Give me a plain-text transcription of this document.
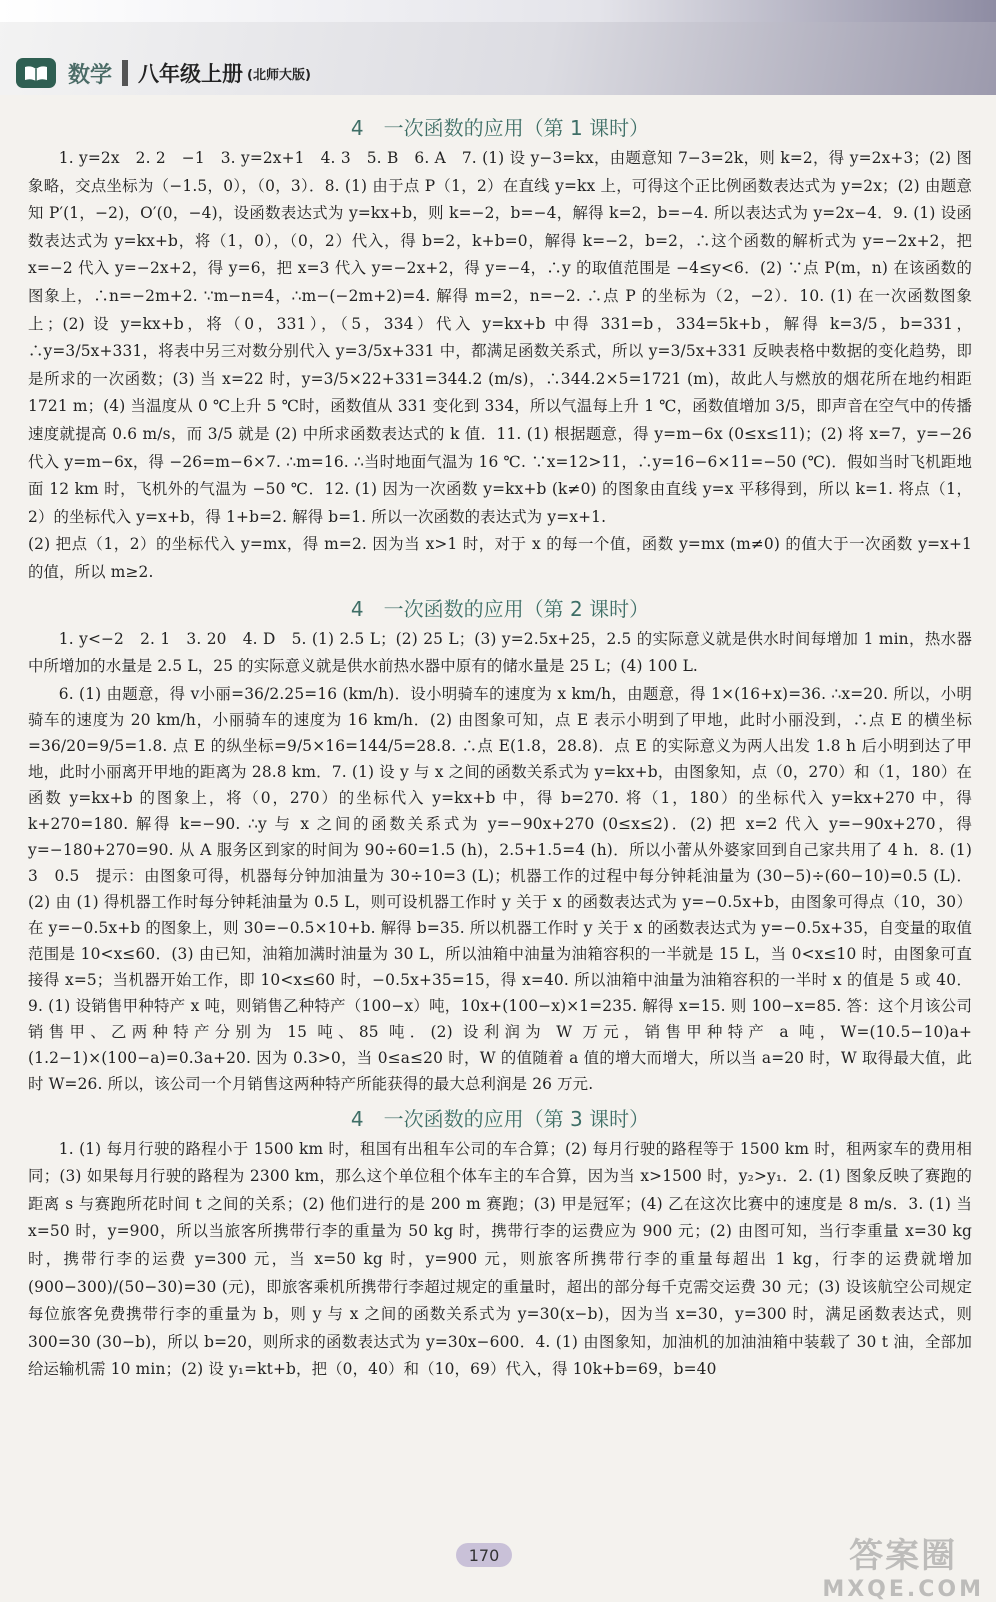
数学 八年级上册 (北师大版)
4　一次函数的应用（第 1 课时）

1. y=2x　2. 2　−1　3. y=2x+1　4. 3　5. B　6. A　7. (1) 设 y−3=kx，由题意知 7−3=2k，则 k=2，得 y=2x+3；(2) 图象略，交点坐标为（−1.5，0），（0，3）．8. (1) 由于点 P（1，2）在直线 y=kx 上，可得这个正比例函数表达式为 y=2x；(2) 由题意知 P′(1，−2)，O′(0，−4)，设函数表达式为 y=kx+b，则 k=−2，b=−4，解得 k=2，b=−4. 所以表达式为 y=2x−4．9. (1) 设函数表达式为 y=kx+b，将（1，0），（0，2）代入，得 b=2，k+b=0，解得 k=−2，b=2，∴这个函数的解析式为 y=−2x+2，把 x=−2 代入 y=−2x+2，得 y=6，把 x=3 代入 y=−2x+2，得 y=−4，∴y 的取值范围是 −4≤y<6．(2) ∵点 P(m，n) 在该函数的图象上，∴n=−2m+2. ∵m−n=4，∴m−(−2m+2)=4. 解得 m=2，n=−2. ∴点 P 的坐标为（2，−2）．10. (1) 在一次函数图象上；(2) 设 y=kx+b，将（0，331），（5，334）代入 y=kx+b 中得 331=b，334=5k+b，解得 k=3/5，b=331，∴y=3/5x+331，将表中另三对数分别代入 y=3/5x+331 中，都满足函数关系式，所以 y=3/5x+331 反映表格中数据的变化趋势，即是所求的一次函数；(3) 当 x=22 时，y=3/5×22+331=344.2 (m/s)，∴344.2×5=1721 (m)，故此人与燃放的烟花所在地约相距 1721 m；(4) 当温度从 0 ℃上升 5 ℃时，函数值从 331 变化到 334，所以气温每上升 1 ℃，函数值增加 3/5，即声音在空气中的传播速度就提高 0.6 m/s，而 3/5 就是 (2) 中所求函数表达式的 k 值．11. (1) 根据题意，得 y=m−6x (0≤x≤11)；(2) 将 x=7，y=−26 代入 y=m−6x，得 −26=m−6×7. ∴m=16. ∴当时地面气温为 16 ℃. ∵x=12>11，∴y=16−6×11=−50 (℃)．假如当时飞机距地面 12 km 时，飞机外的气温为 −50 ℃．12. (1) 因为一次函数 y=kx+b (k≠0) 的图象由直线 y=x 平移得到，所以 k=1. 将点（1，2）的坐标代入 y=x+b，得 1+b=2. 解得 b=1. 所以一次函数的表达式为 y=x+1.

(2) 把点（1，2）的坐标代入 y=mx，得 m=2. 因为当 x>1 时，对于 x 的每一个值，函数 y=mx (m≠0) 的值大于一次函数 y=x+1 的值，所以 m≥2.

4　一次函数的应用（第 2 课时）

1. y<−2　2. 1　3. 20　4. D　5. (1) 2.5 L；(2) 25 L；(3) y=2.5x+25，2.5 的实际意义就是供水时间每增加 1 min，热水器中所增加的水量是 2.5 L，25 的实际意义就是供水前热水器中原有的储水量是 25 L；(4) 100 L.

6. (1) 由题意，得 v小丽=36/2.25=16 (km/h)．设小明骑车的速度为 x km/h，由题意，得 1×(16+x)=36. ∴x=20. 所以，小明骑车的速度为 20 km/h，小丽骑车的速度为 16 km/h．(2) 由图象可知，点 E 表示小明到了甲地，此时小丽没到，∴点 E 的横坐标=36/20=9/5=1.8. 点 E 的纵坐标=9/5×16=144/5=28.8. ∴点 E(1.8，28.8)．点 E 的实际意义为两人出发 1.8 h 后小明到达了甲地，此时小丽离开甲地的距离为 28.8 km．7. (1) 设 y 与 x 之间的函数关系式为 y=kx+b，由图象知，点（0，270）和（1，180）在函数 y=kx+b 的图象上，将（0，270）的坐标代入 y=kx+b 中，得 b=270. 将（1，180）的坐标代入 y=kx+270 中，得 k+270=180. 解得 k=−90. ∴y 与 x 之间的函数关系式为 y=−90x+270 (0≤x≤2)．(2) 把 x=2 代入 y=−90x+270，得 y=−180+270=90. 从 A 服务区到家的时间为 90÷60=1.5 (h)，2.5+1.5=4 (h)．所以小蕾从外婆家回到自己家共用了 4 h．8. (1) 3　0.5　提示：由图象可得，机器每分钟加油量为 30÷10=3 (L)；机器工作的过程中每分钟耗油量为 (30−5)÷(60−10)=0.5 (L)．(2) 由 (1) 得机器工作时每分钟耗油量为 0.5 L，则可设机器工作时 y 关于 x 的函数表达式为 y=−0.5x+b，由图象可得点（10，30）在 y=−0.5x+b 的图象上，则 30=−0.5×10+b. 解得 b=35. 所以机器工作时 y 关于 x 的函数表达式为 y=−0.5x+35，自变量的取值范围是 10<x≤60．(3) 由已知，油箱加满时油量为 30 L，所以油箱中油量为油箱容积的一半就是 15 L，当 0<x≤10 时，由图象可直接得 x=5；当机器开始工作，即 10<x≤60 时，−0.5x+35=15，得 x=40. 所以油箱中油量为油箱容积的一半时 x 的值是 5 或 40．9. (1) 设销售甲种特产 x 吨，则销售乙种特产（100−x）吨，10x+(100−x)×1=235. 解得 x=15. 则 100−x=85. 答：这个月该公司销售甲、乙两种特产分别为 15 吨、85 吨．(2) 设利润为 W 万元，销售甲种特产 a 吨，W=(10.5−10)a+(1.2−1)×(100−a)=0.3a+20. 因为 0.3>0，当 0≤a≤20 时，W 的值随着 a 值的增大而增大，所以当 a=20 时，W 取得最大值，此时 W=26. 所以，该公司一个月销售这两种特产所能获得的最大总利润是 26 万元.

4　一次函数的应用（第 3 课时）

1. (1) 每月行驶的路程小于 1500 km 时，租国有出租车公司的车合算；(2) 每月行驶的路程等于 1500 km 时，租两家车的费用相同；(3) 如果每月行驶的路程为 2300 km，那么这个单位租个体车主的车合算，因为当 x>1500 时，y₂>y₁．2. (1) 图象反映了赛跑的距离 s 与赛跑所花时间 t 之间的关系；(2) 他们进行的是 200 m 赛跑；(3) 甲是冠军；(4) 乙在这次比赛中的速度是 8 m/s．3. (1) 当 x=50 时，y=900，所以当旅客所携带行李的重量为 50 kg 时，携带行李的运费应为 900 元；(2) 由图可知，当行李重量 x=30 kg 时，携带行李的运费 y=300 元，当 x=50 kg 时，y=900 元，则旅客所携带行李的重量每超出 1 kg，行李的运费就增加 (900−300)/(50−30)=30 (元)，即旅客乘机所携带行李超过规定的重量时，超出的部分每千克需交运费 30 元；(3) 设该航空公司规定每位旅客免费携带行李的重量为 b，则 y 与 x 之间的函数关系式为 y=30(x−b)，因为当 x=30，y=300 时，满足函数表达式，则 300=30 (30−b)，所以 b=20，则所求的函数表达式为 y=30x−600．4. (1) 由图象知，加油机的加油油箱中装载了 30 t 油，全部加给运输机需 10 min；(2) 设 y₁=kt+b，把（0，40）和（10，69）代入，得 10k+b=69，b=40

170	答案圈
MXQE.COM
